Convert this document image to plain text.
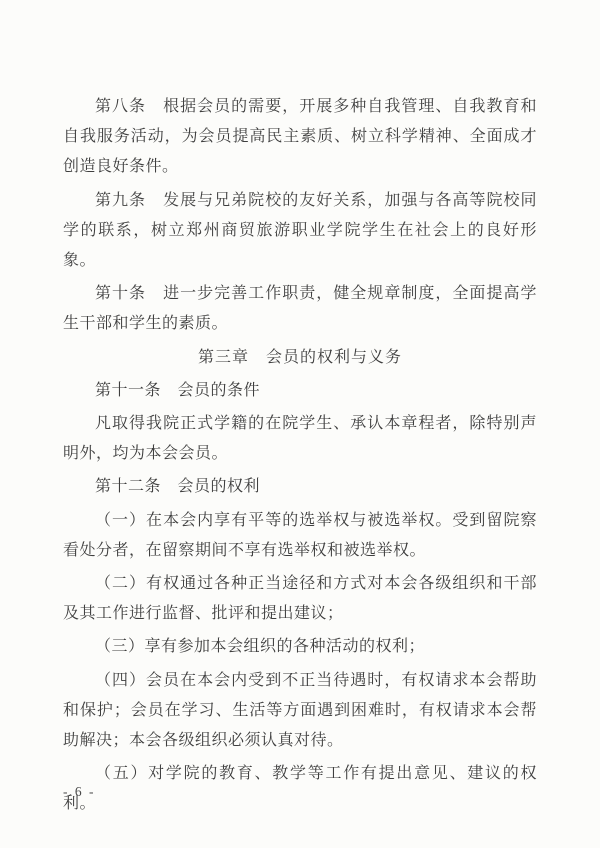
第八条　根据会员的需要，开展多种自我管理、自我教育和自我服务活动，为会员提高民主素质、树立科学精神、全面成才创造良好条件。

第九条　发展与兄弟院校的友好关系，加强与各高等院校同学的联系，树立郑州商贸旅游职业学院学生在社会上的良好形象。

第十条　进一步完善工作职责，健全规章制度，全面提高学生干部和学生的素质。

第三章　会员的权利与义务

第十一条　会员的条件

凡取得我院正式学籍的在院学生、承认本章程者，除特别声明外，均为本会会员。

第十二条　会员的权利

（一）在本会内享有平等的选举权与被选举权。受到留院察看处分者，在留察期间不享有选举权和被选举权。

（二）有权通过各种正当途径和方式对本会各级组织和干部及其工作进行监督、批评和提出建议；

（三）享有参加本会组织的各种活动的权利；

（四）会员在本会内受到不正当待遇时，有权请求本会帮助和保护；会员在学习、生活等方面遇到困难时，有权请求本会帮助解决；本会各级组织必须认真对待。

（五）对学院的教育、教学等工作有提出意见、建议的权利。

- 6 -
